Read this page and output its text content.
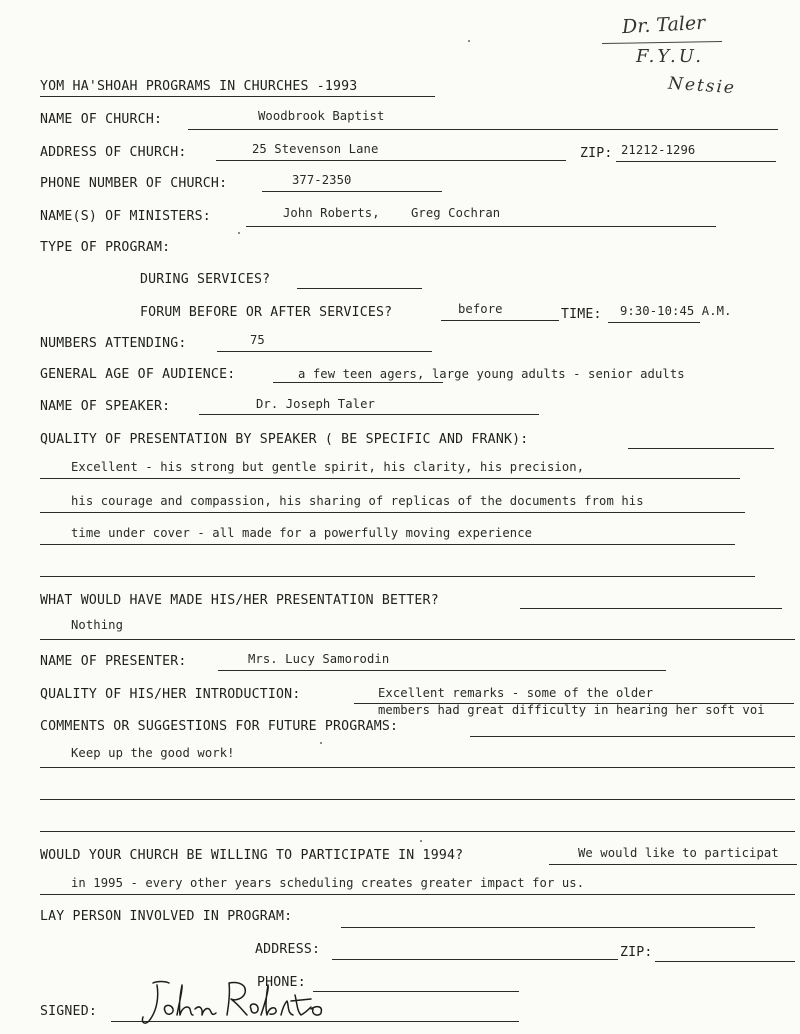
Dr. Taler
F.Y.U.
Netsie
YOM HA'SHOAH PROGRAMS IN CHURCHES -1993
NAME OF CHURCH:	Woodbrook Baptist
ADDRESS OF CHURCH:	25 Stevenson Lane	ZIP: 21212-1296
PHONE NUMBER OF CHURCH:	377-2350
NAME(S) OF MINISTERS:	John Roberts,	Greg Cochran
TYPE OF PROGRAM:
DURING SERVICES?
FORUM BEFORE OR AFTER SERVICES?	before	TIME: 9:30-10:45 A.M.
NUMBERS ATTENDING:	75
GENERAL AGE OF AUDIENCE:	a few teen agers, large young adults - senior adults
NAME OF SPEAKER:	Dr. Joseph Taler
QUALITY OF PRESENTATION BY SPEAKER ( BE SPECIFIC AND FRANK):
Excellent - his strong but gentle spirit, his clarity, his precision,
his courage and compassion, his sharing of replicas of the documents from his
time under cover - all made for a powerfully moving experience
WHAT WOULD HAVE MADE HIS/HER PRESENTATION BETTER?
Nothing
NAME OF PRESENTER:	Mrs. Lucy Samorodin
QUALITY OF HIS/HER INTRODUCTION:	Excellent remarks - some of the older
members had great difficulty in hearing her soft voi
COMMENTS OR SUGGESTIONS FOR FUTURE PROGRAMS:
Keep up the good work!
WOULD YOUR CHURCH BE WILLING TO PARTICIPATE IN 1994?	We would like to participat
in 1995 - every other years scheduling creates greater impact for us.
LAY PERSON INVOLVED IN PROGRAM:
ADDRESS:	ZIP:
PHONE:
SIGNED:
